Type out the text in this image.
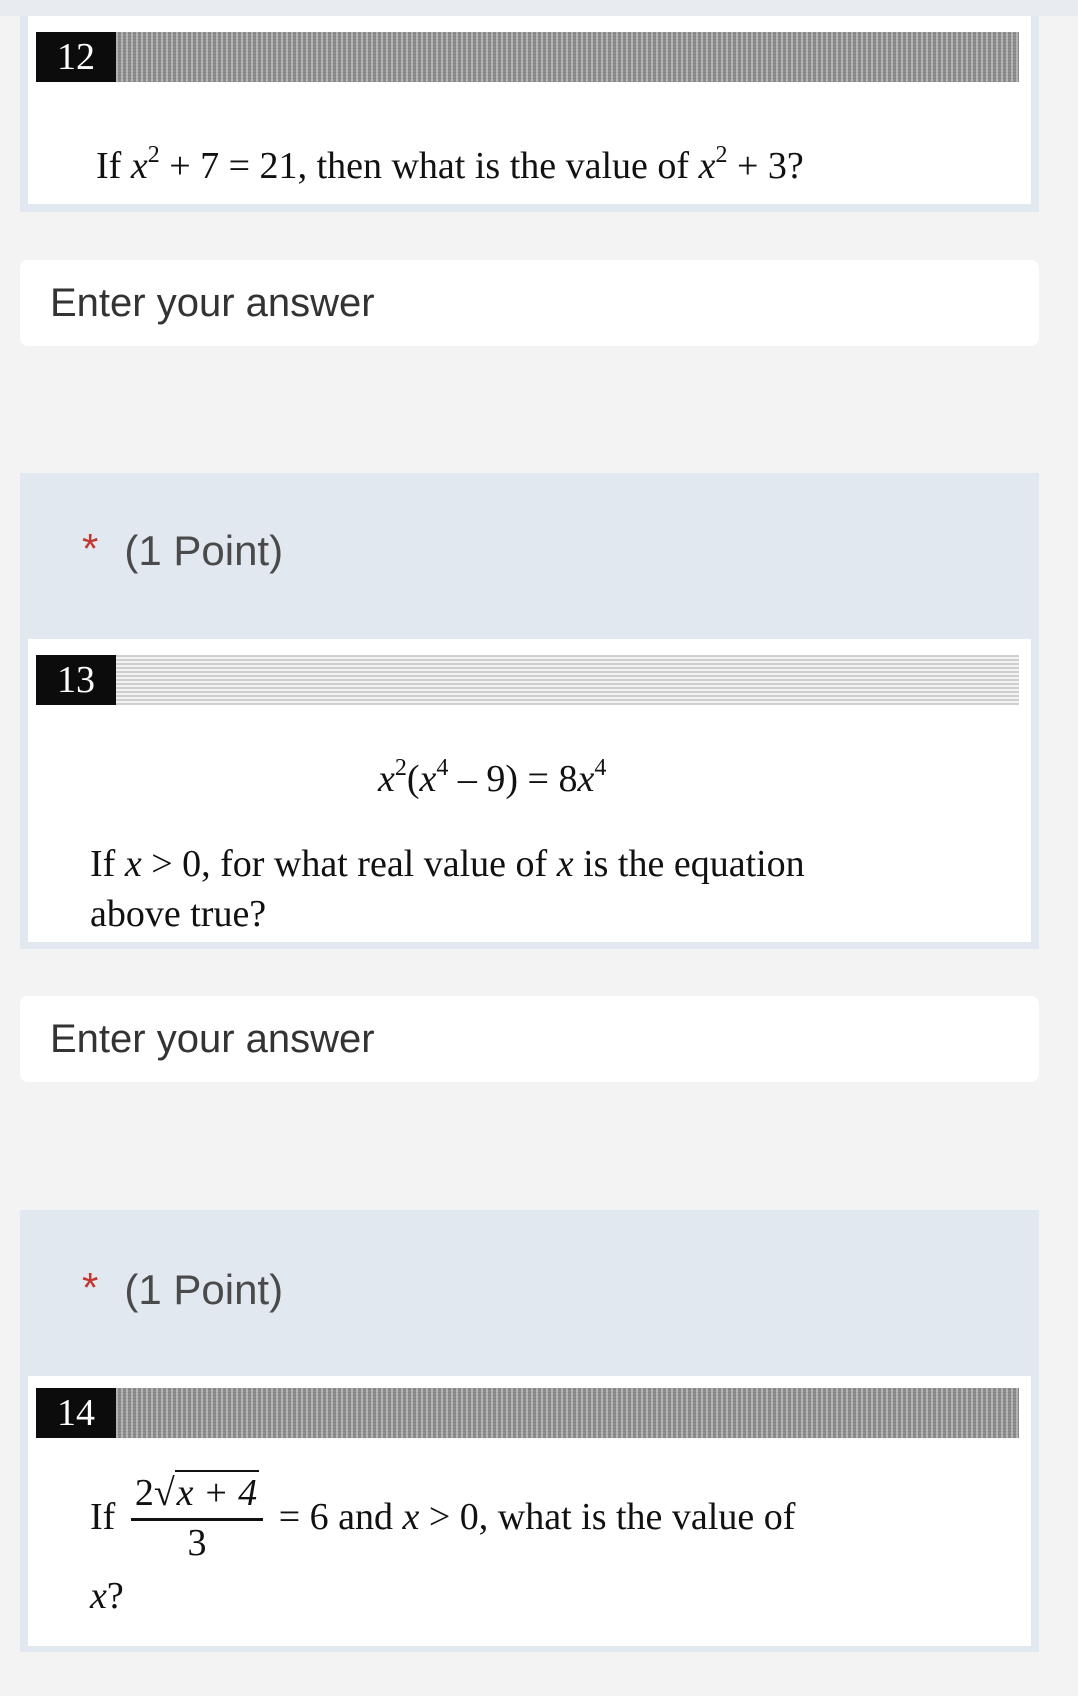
12
If $x^2 + 7 = 21$, then what is the value of $x^2 + 3$?
Enter your answer
* (1 Point)
13
$x^2(x^4 - 9) = 8x^4$
If x > 0, for what real value of x is the equation
above true?
Enter your answer
* (1 Point)
14
If $\frac{2√x + 4}{3} = 6$ and x > 0, what is the value of
x?
